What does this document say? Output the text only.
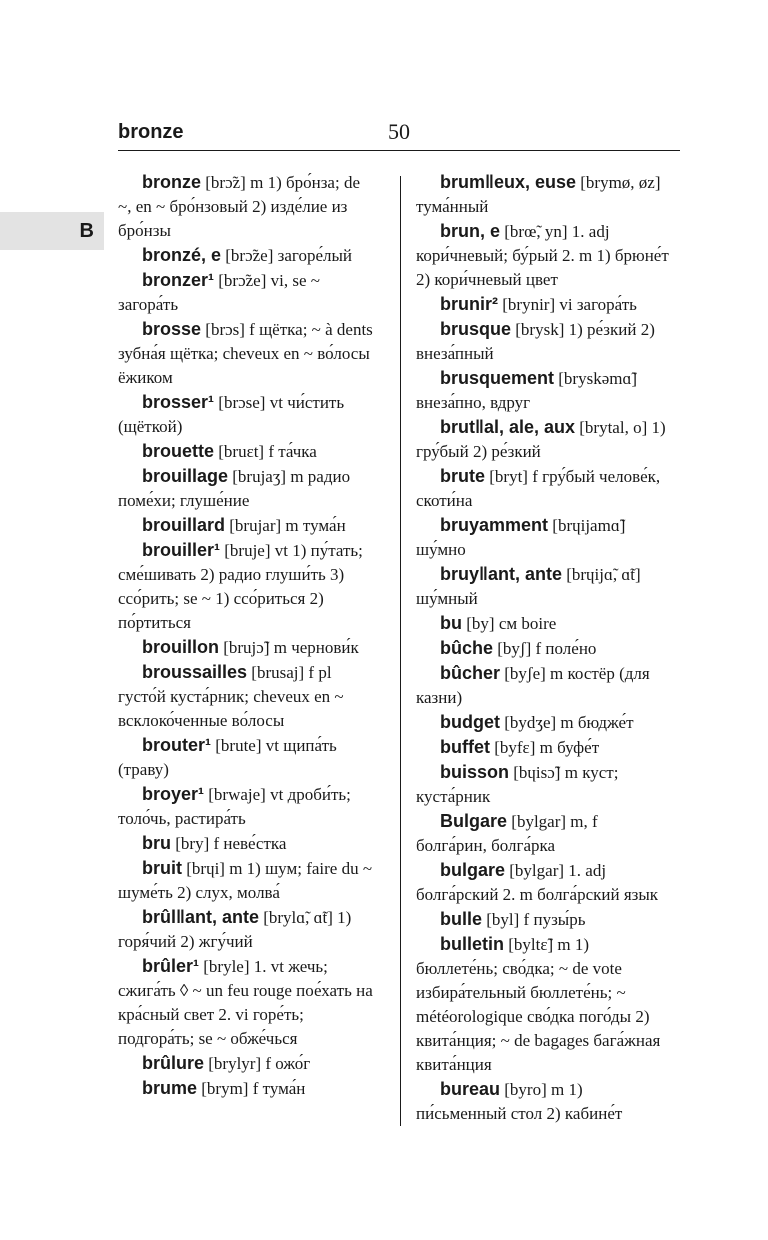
B
bronze	50

bronze [brɔ̃z] m 1) бро́нза; de ~, en ~ бро́нзовый 2) изде́лие из бро́нзы

bronzé, e [brɔ̃ze] загоре́лый

bronzer¹ [brɔ̃ze] vi, se ~ загора́ть

brosse [brɔs] f щётка; ~ à dents зубна́я щётка; cheveux en ~ во́лосы ёжиком

brosser¹ [brɔse] vt чи́стить (щёткой)

brouette [bruɛt] f та́чка

brouillage [brujaʒ] m радио поме́хи; глуше́ние

brouillard [brujar] m тума́н

brouiller¹ [bruje] vt 1) пу́тать; сме́шивать 2) радио глуши́ть 3) ссо́рить; se ~ 1) ссо́риться 2) по́ртиться

brouillon [brujɔ̃] m чернови́к

broussailles [brusaj] f pl густо́й куста́рник; cheveux en ~ всклоко́ченные во́лосы

brouter¹ [brute] vt щипа́ть (траву)

broyer¹ [brwaje] vt дроби́ть; толо́чь, растира́ть

bru [bry] f неве́стка

bruit [brɥi] m 1) шум; faire du ~ шуме́ть 2) слух, молва́

brûl‖ant, ante [brylɑ̃, ɑ̃t] 1) горя́чий 2) жгу́чий

brûler¹ [bryle] 1. vt жечь; сжига́ть ◊ ~ un feu rouge пое́хать на кра́сный свет 2. vi горе́ть; подгора́ть; se ~ обже́чься

brûlure [brylyr] f ожо́г

brume [brym] f тума́н

brum‖eux, euse [brymø, øz] тума́нный

brun, e [brœ̃, yn] 1. adj кори́чневый; бу́рый 2. m 1) брюне́т 2) кори́чневый цвет

brunir² [brynir] vi загора́ть

brusque [brysk] 1) ре́зкий 2) внеза́пный

brusquement [bryskəmɑ̃] внеза́пно, вдруг

brut‖al, ale, aux [brytal, o] 1) гру́бый 2) ре́зкий

brute [bryt] f гру́бый челове́к, скоти́на

bruyamment [brɥijamɑ̃] шу́мно

bruy‖ant, ante [brɥijɑ̃, ɑ̃t] шу́мный

bu [by] см boire

bûche [byʃ] f поле́но

bûcher [byʃe] m костёр (для казни)

budget [bydʒe] m бюдже́т

buffet [byfɛ] m буфе́т

buisson [bɥisɔ̃] m куст; куста́рник

Bulgare [bylgar] m, f болга́рин, болга́рка

bulgare [bylgar] 1. adj болга́рский 2. m болга́рский язык

bulle [byl] f пузы́рь

bulletin [byltɛ̃] m 1) бюллете́нь; сво́дка; ~ de vote избира́тельный бюллете́нь; ~ météorologique сво́дка пого́ды 2) квита́нция; ~ de bagages бага́жная квита́нция

bureau [byro] m 1) пи́сьменный стол 2) кабине́т
